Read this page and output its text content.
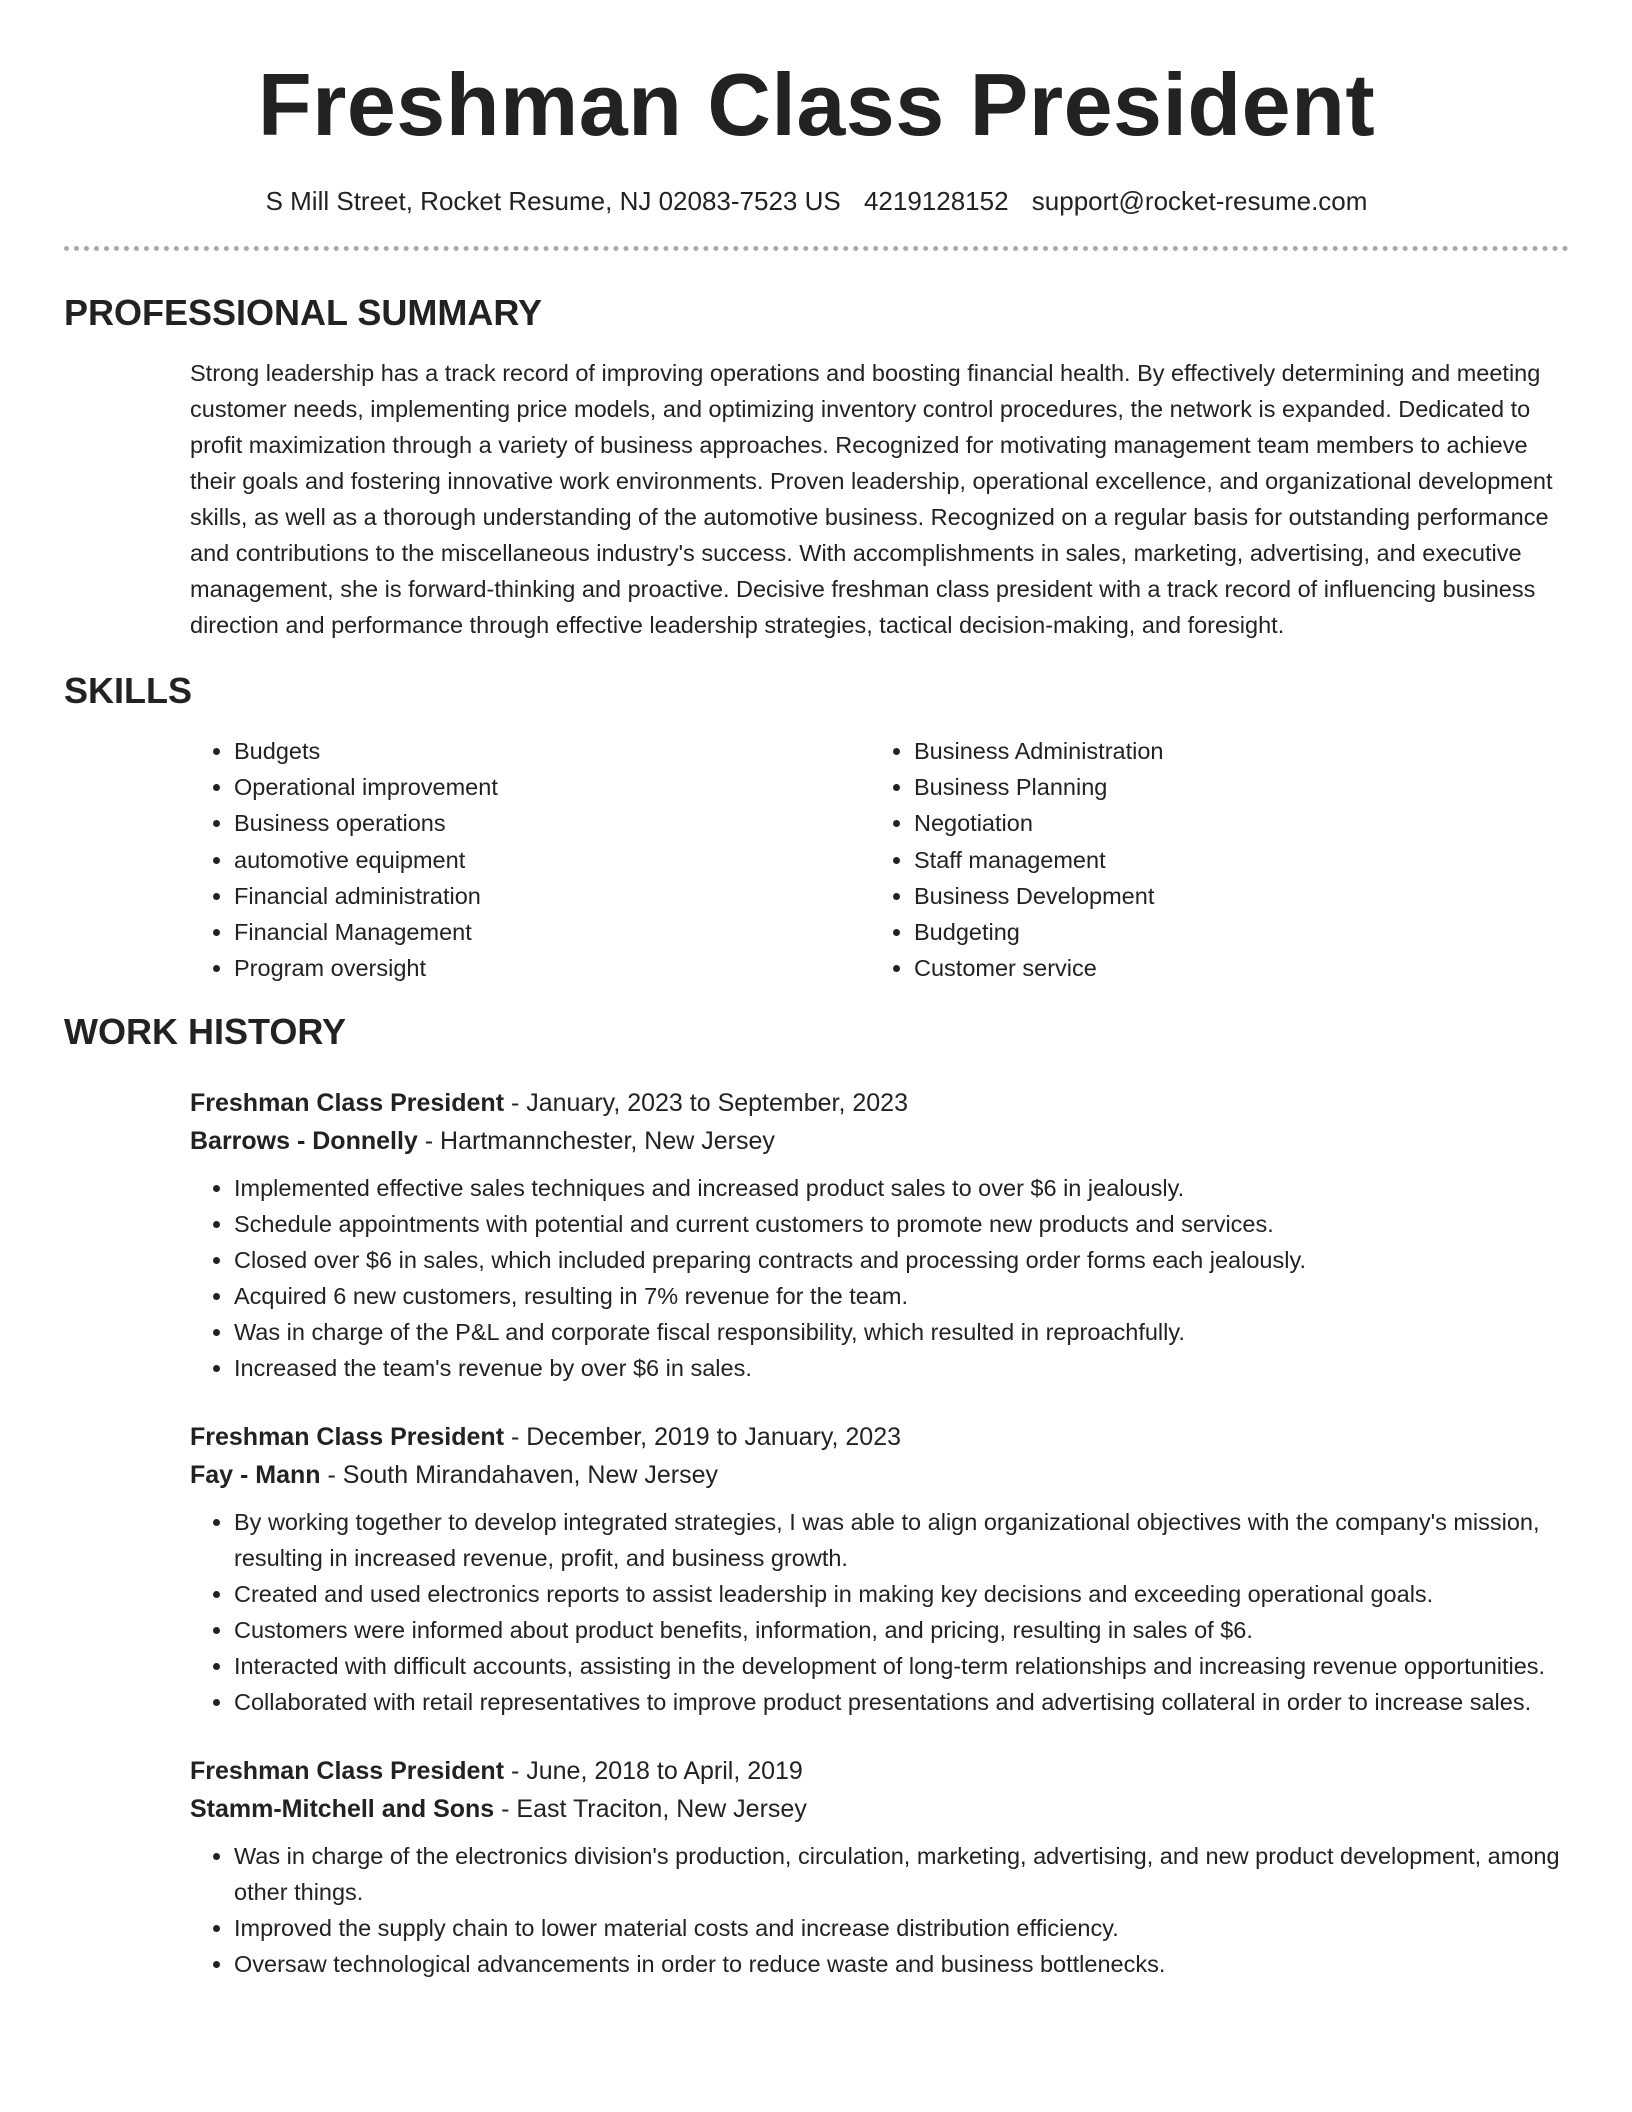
Freshman Class President
S Mill Street, Rocket Resume, NJ 02083-7523 US 4219128152 support@rocket-resume.com
PROFESSIONAL SUMMARY
Strong leadership has a track record of improving operations and boosting financial health. By effectively determining and meeting customer needs, implementing price models, and optimizing inventory control procedures, the network is expanded. Dedicated to profit maximization through a variety of business approaches. Recognized for motivating management team members to achieve their goals and fostering innovative work environments. Proven leadership, operational excellence, and organizational development skills, as well as a thorough understanding of the automotive business. Recognized on a regular basis for outstanding performance and contributions to the miscellaneous industry's success. With accomplishments in sales, marketing, advertising, and executive management, she is forward-thinking and proactive. Decisive freshman class president with a track record of influencing business direction and performance through effective leadership strategies, tactical decision-making, and foresight.
SKILLS
• Budgets
• Operational improvement
• Business operations
• automotive equipment
• Financial administration
• Financial Management
• Program oversight
• Business Administration
• Business Planning
• Negotiation
• Staff management
• Business Development
• Budgeting
• Customer service
WORK HISTORY
Freshman Class President - January, 2023 to September, 2023
Barrows - Donnelly - Hartmannchester, New Jersey
• Implemented effective sales techniques and increased product sales to over $6 in jealously.
• Schedule appointments with potential and current customers to promote new products and services.
• Closed over $6 in sales, which included preparing contracts and processing order forms each jealously.
• Acquired 6 new customers, resulting in 7% revenue for the team.
• Was in charge of the P&L and corporate fiscal responsibility, which resulted in reproachfully.
• Increased the team's revenue by over $6 in sales.
Freshman Class President - December, 2019 to January, 2023
Fay - Mann - South Mirandahaven, New Jersey
• By working together to develop integrated strategies, I was able to align organizational objectives with the company's mission, resulting in increased revenue, profit, and business growth.
• Created and used electronics reports to assist leadership in making key decisions and exceeding operational goals.
• Customers were informed about product benefits, information, and pricing, resulting in sales of $6.
• Interacted with difficult accounts, assisting in the development of long-term relationships and increasing revenue opportunities.
• Collaborated with retail representatives to improve product presentations and advertising collateral in order to increase sales.
Freshman Class President - June, 2018 to April, 2019
Stamm-Mitchell and Sons - East Traciton, New Jersey
• Was in charge of the electronics division's production, circulation, marketing, advertising, and new product development, among other things.
• Improved the supply chain to lower material costs and increase distribution efficiency.
• Oversaw technological advancements in order to reduce waste and business bottlenecks.
